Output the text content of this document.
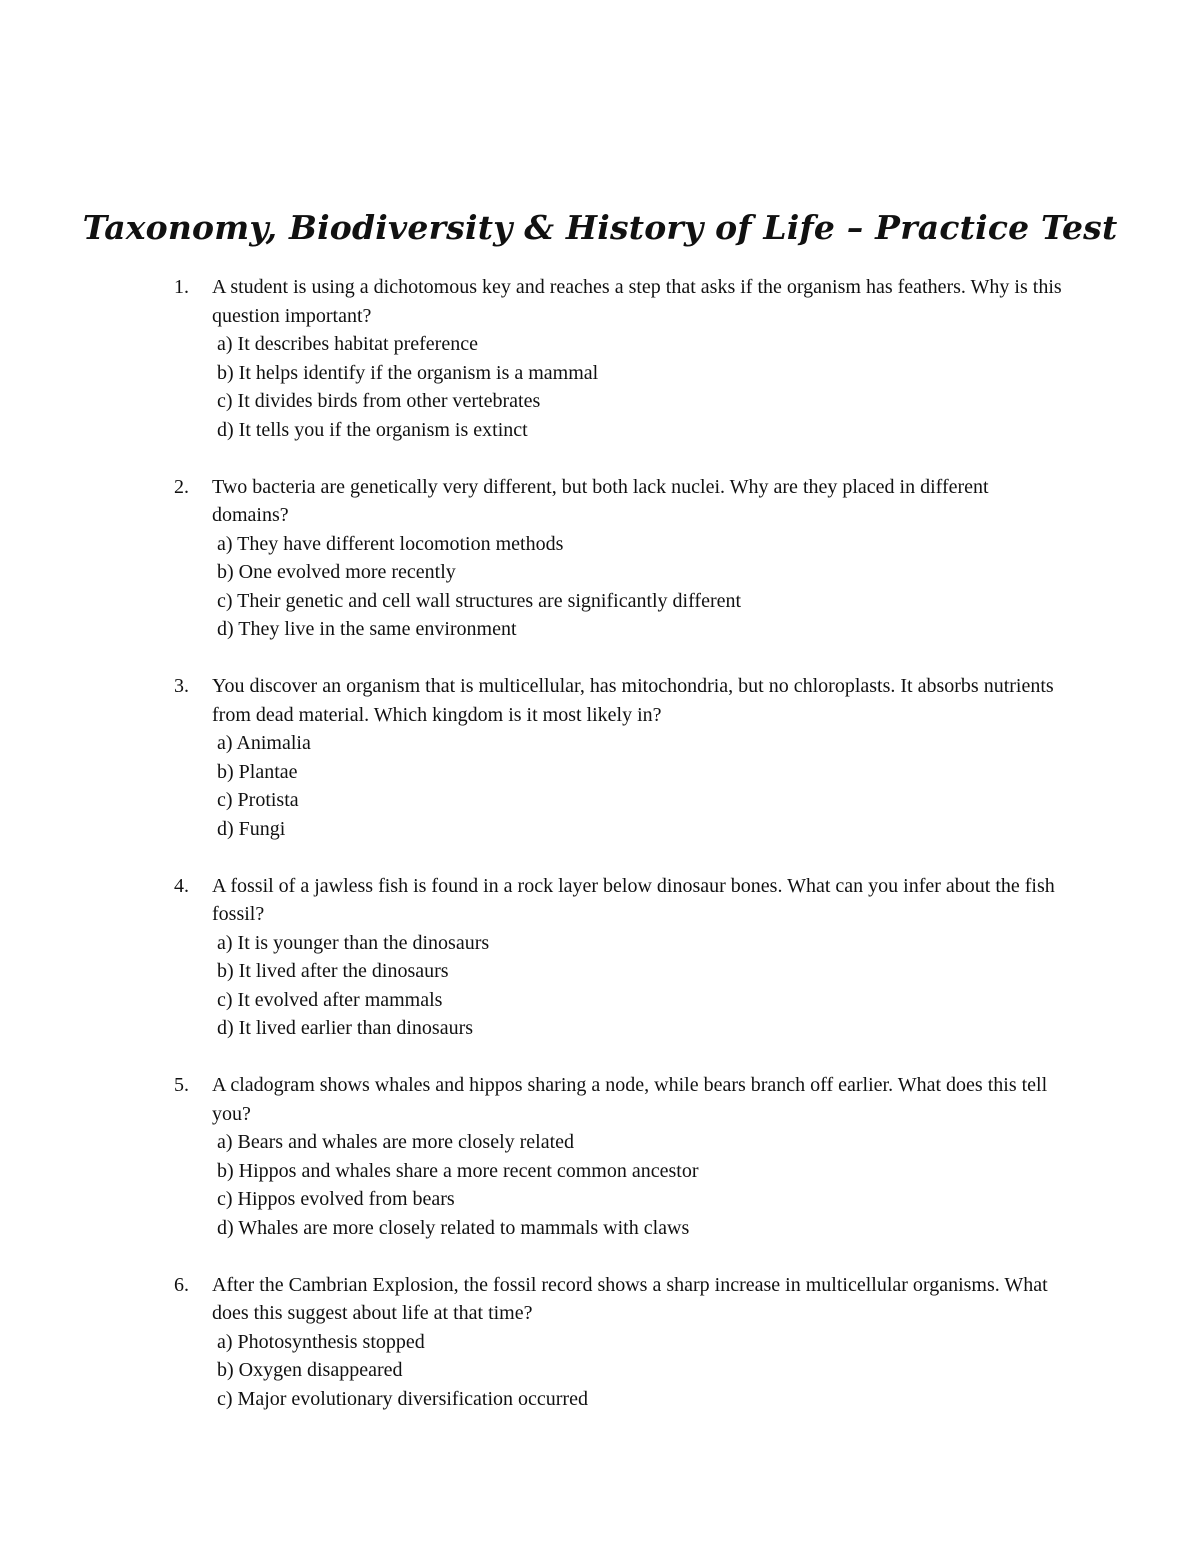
Taxonomy, Biodiversity & History of Life – Practice Test
1.	A student is using a dichotomous key and reaches a step that asks if the organism has feathers. Why is this question important?
a) It describes habitat preference
b) It helps identify if the organism is a mammal
c) It divides birds from other vertebrates
d) It tells you if the organism is extinct
2.	Two bacteria are genetically very different, but both lack nuclei. Why are they placed in different domains?
a) They have different locomotion methods
b) One evolved more recently
c) Their genetic and cell wall structures are significantly different
d) They live in the same environment
3.	You discover an organism that is multicellular, has mitochondria, but no chloroplasts. It absorbs nutrients from dead material. Which kingdom is it most likely in?
a) Animalia
b) Plantae
c) Protista
d) Fungi
4.	A fossil of a jawless fish is found in a rock layer below dinosaur bones. What can you infer about the fish fossil?
a) It is younger than the dinosaurs
b) It lived after the dinosaurs
c) It evolved after mammals
d) It lived earlier than dinosaurs
5.	A cladogram shows whales and hippos sharing a node, while bears branch off earlier. What does this tell you?
a) Bears and whales are more closely related
b) Hippos and whales share a more recent common ancestor
c) Hippos evolved from bears
d) Whales are more closely related to mammals with claws
6.	After the Cambrian Explosion, the fossil record shows a sharp increase in multicellular organisms. What does this suggest about life at that time?
a) Photosynthesis stopped
b) Oxygen disappeared
c) Major evolutionary diversification occurred
